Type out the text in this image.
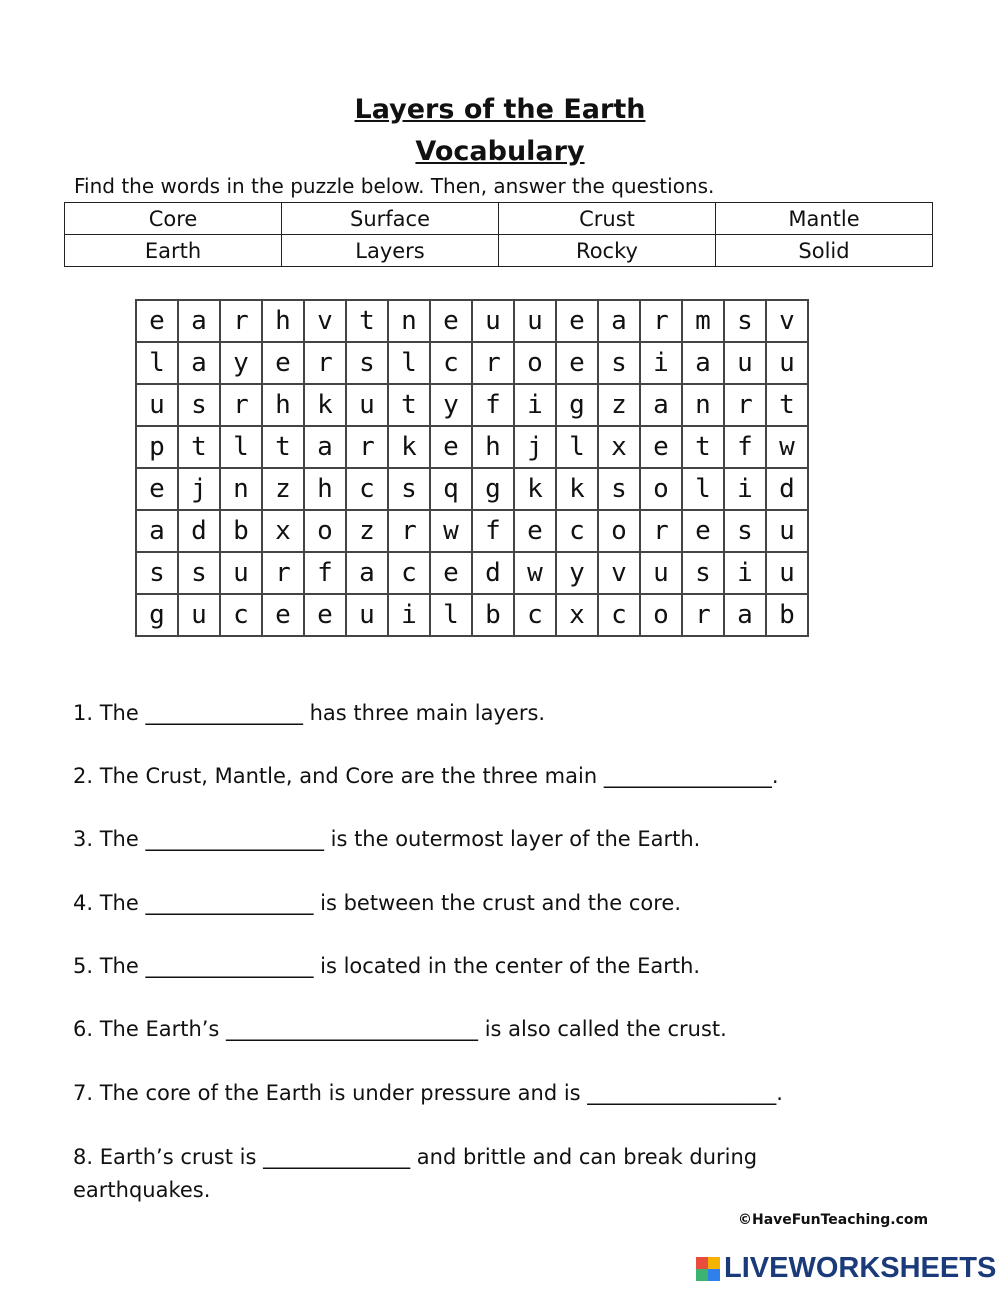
Layers of the Earth
Vocabulary
Find the words in the puzzle below. Then, answer the questions.
Core	Surface	Crust	Mantle
Earth	Layers	Rocky	Solid
e	a	r	h	v	t	n	e	u	u	e	a	r	m	s	v
l	a	y	e	r	s	l	c	r	o	e	s	i	a	u	u
u	s	r	h	k	u	t	y	f	i	g	z	a	n	r	t
p	t	l	t	a	r	k	e	h	j	l	x	e	t	f	w
e	j	n	z	h	c	s	q	g	k	k	s	o	l	i	d
a	d	b	x	o	z	r	w	f	e	c	o	r	e	s	u
s	s	u	r	f	a	c	e	d	w	y	v	u	s	i	u
g	u	c	e	e	u	i	l	b	c	x	c	o	r	a	b
1. The _______________ has three main layers.
2. The Crust, Mantle, and Core are the three main ________________.
3. The _________________ is the outermost layer of the Earth.
4. The ________________ is between the crust and the core.
5. The ________________ is located in the center of the Earth.
6. The Earth’s ________________________ is also called the crust.
7. The core of the Earth is under pressure and is __________________.
8. Earth’s crust is ______________ and brittle and can break during
earthquakes.
©HaveFunTeaching.com
LIVEWORKSHEETS
